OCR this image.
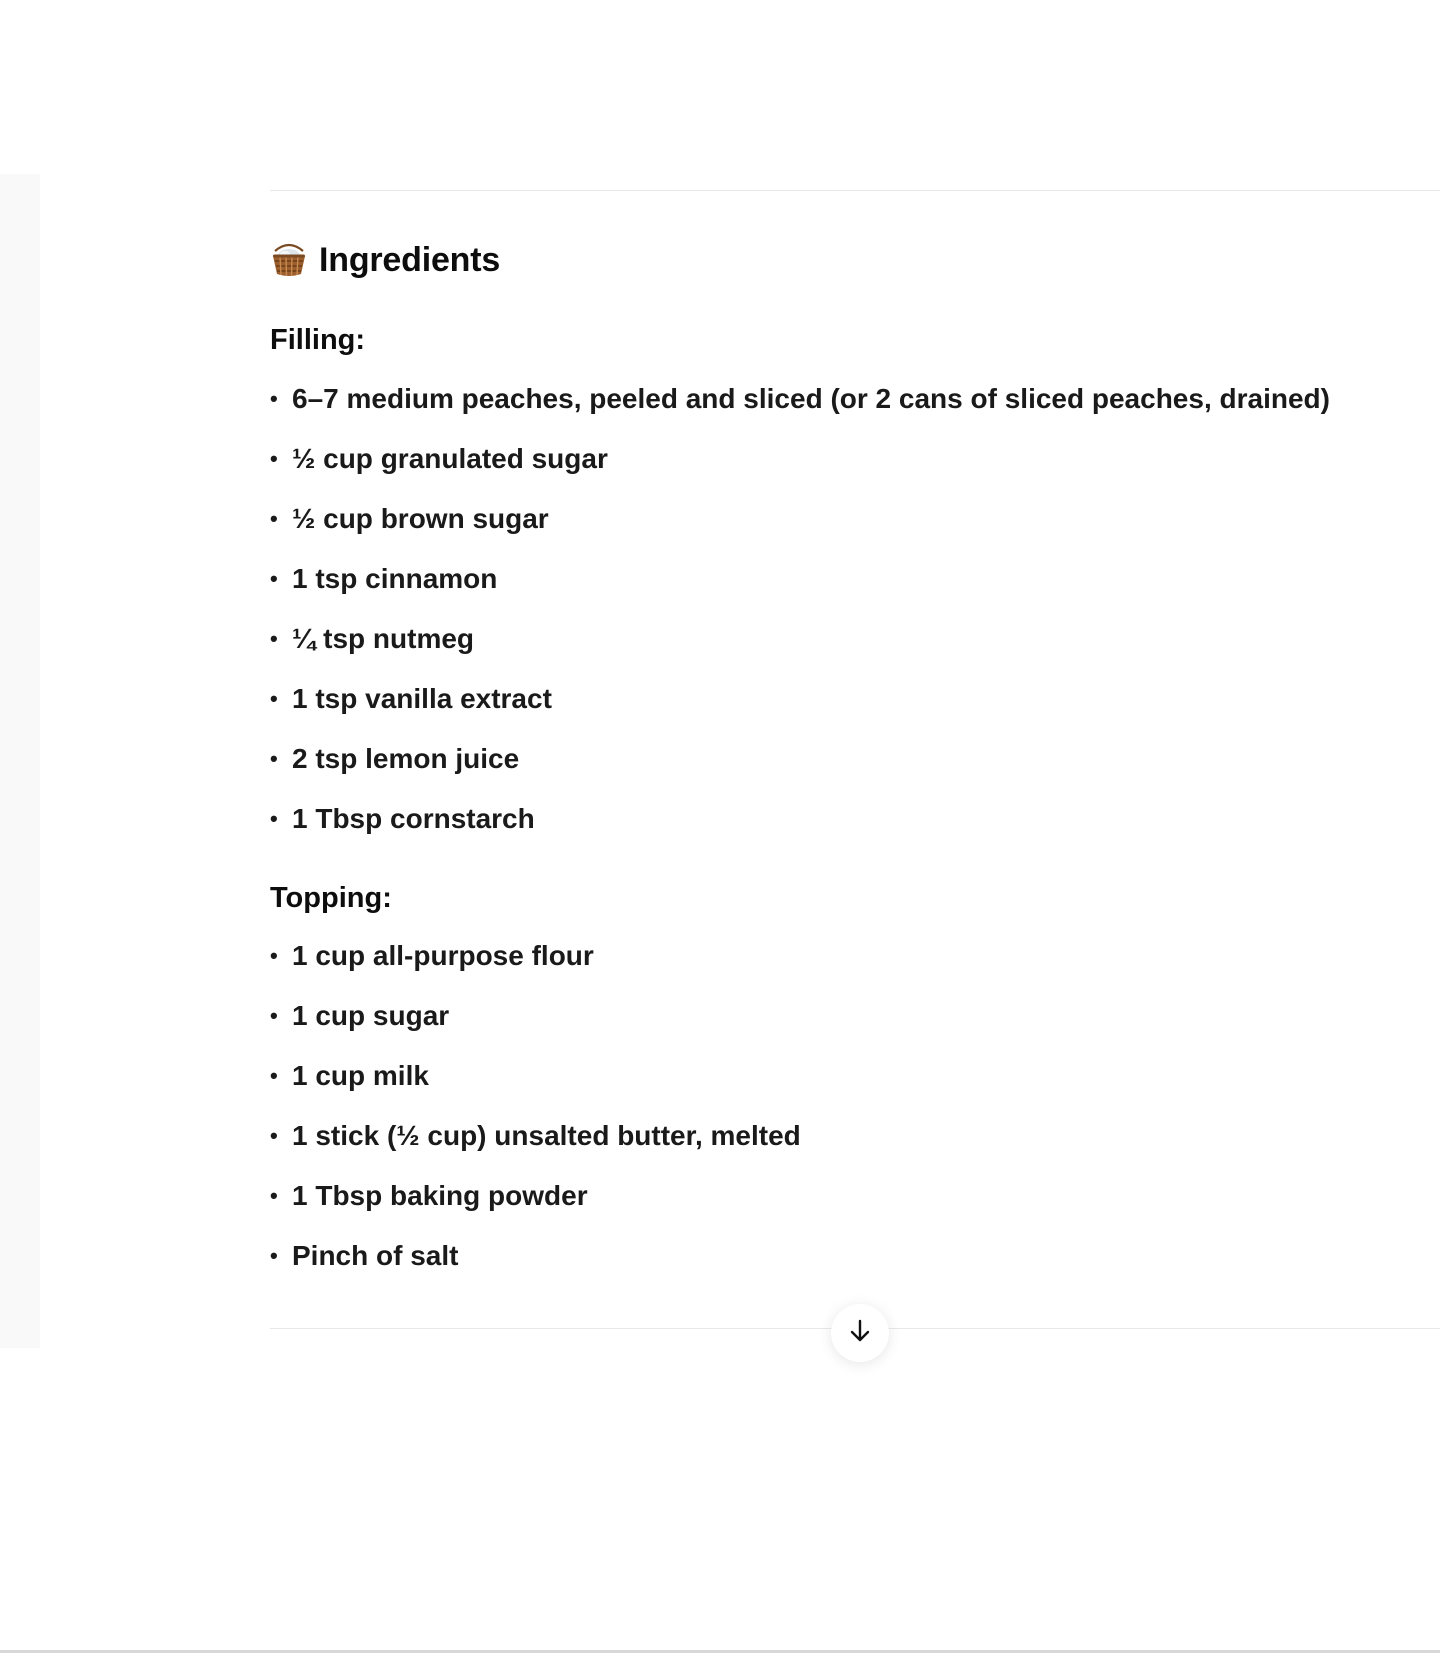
Ingredients
Filling:
• 6–7 medium peaches, peeled and sliced (or 2 cans of sliced peaches, drained)
• ½ cup granulated sugar
• ½ cup brown sugar
• 1 tsp cinnamon
• ¼ tsp nutmeg
• 1 tsp vanilla extract
• 2 tsp lemon juice
• 1 Tbsp cornstarch
Topping:
• 1 cup all-purpose flour
• 1 cup sugar
• 1 cup milk
• 1 stick (½ cup) unsalted butter, melted
• 1 Tbsp baking powder
• Pinch of salt
